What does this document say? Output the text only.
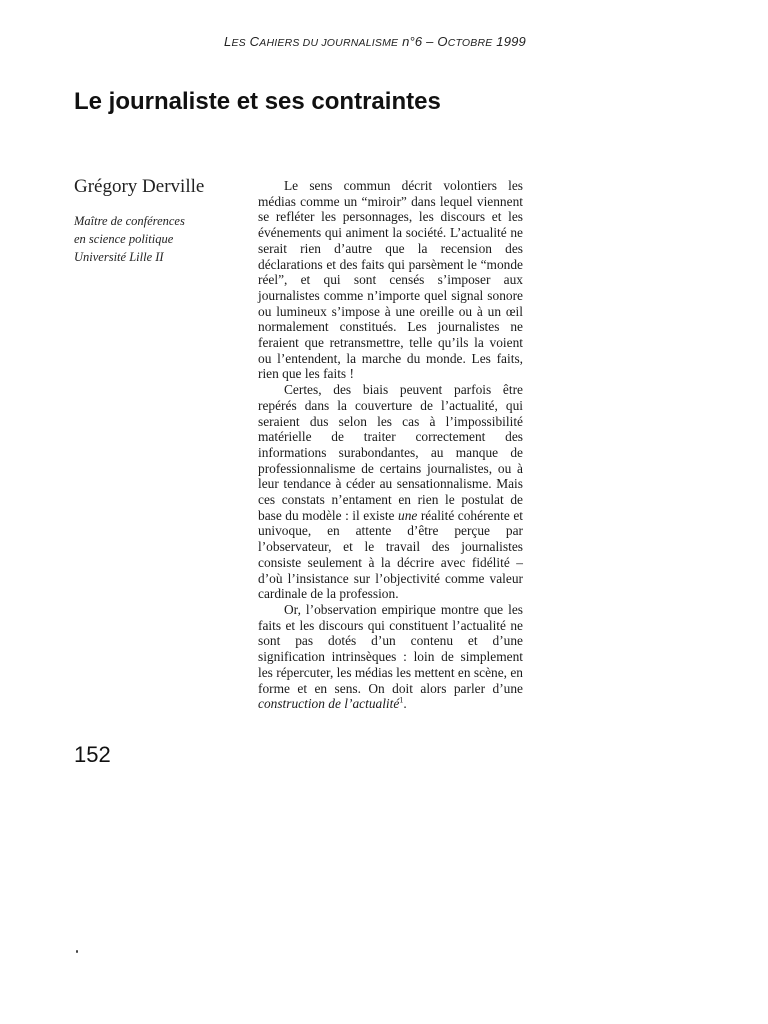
LES CAHIERS DU JOURNALISME n°6 – OCTOBRE 1999
Le journaliste et ses contraintes
Grégory Derville
Maître de conférences
en science politique
Université Lille II

Le sens commun décrit volontiers les médias comme un “miroir” dans lequel viennent se refléter les personnages, les discours et les événements qui animent la société. L’actualité ne serait rien d’autre que la recension des déclarations et des faits qui parsèment le “monde réel”, et qui sont censés s’imposer aux journalistes comme n’importe quel signal sonore ou lumineux s’impose à une oreille ou à un œil normalement constitués. Les journalistes ne feraient que retransmettre, telle qu’ils la voient ou l’entendent, la marche du monde. Les faits, rien que les faits !

Certes, des biais peuvent parfois être repérés dans la couverture de l’actualité, qui seraient dus selon les cas à l’impossibilité matérielle de traiter correctement des informations surabondantes, au manque de professionnalisme de certains journalistes, ou à leur tendance à céder au sensationnalisme. Mais ces constats n’entament en rien le postulat de base du modèle : il existe une réalité cohérente et univoque, en attente d’être perçue par l’observateur, et le travail des journalistes consiste seulement à la décrire avec fidélité – d’où l’insistance sur l’objectivité comme valeur cardinale de la profession.

Or, l’observation empirique montre que les faits et les discours qui constituent l’actualité ne sont pas dotés d’un contenu et d’une signification intrinsèques : loin de simplement les répercuter, les médias les mettent en scène, en forme et en sens. On doit alors parler d’une construction de l’actualité$^1$.

152
